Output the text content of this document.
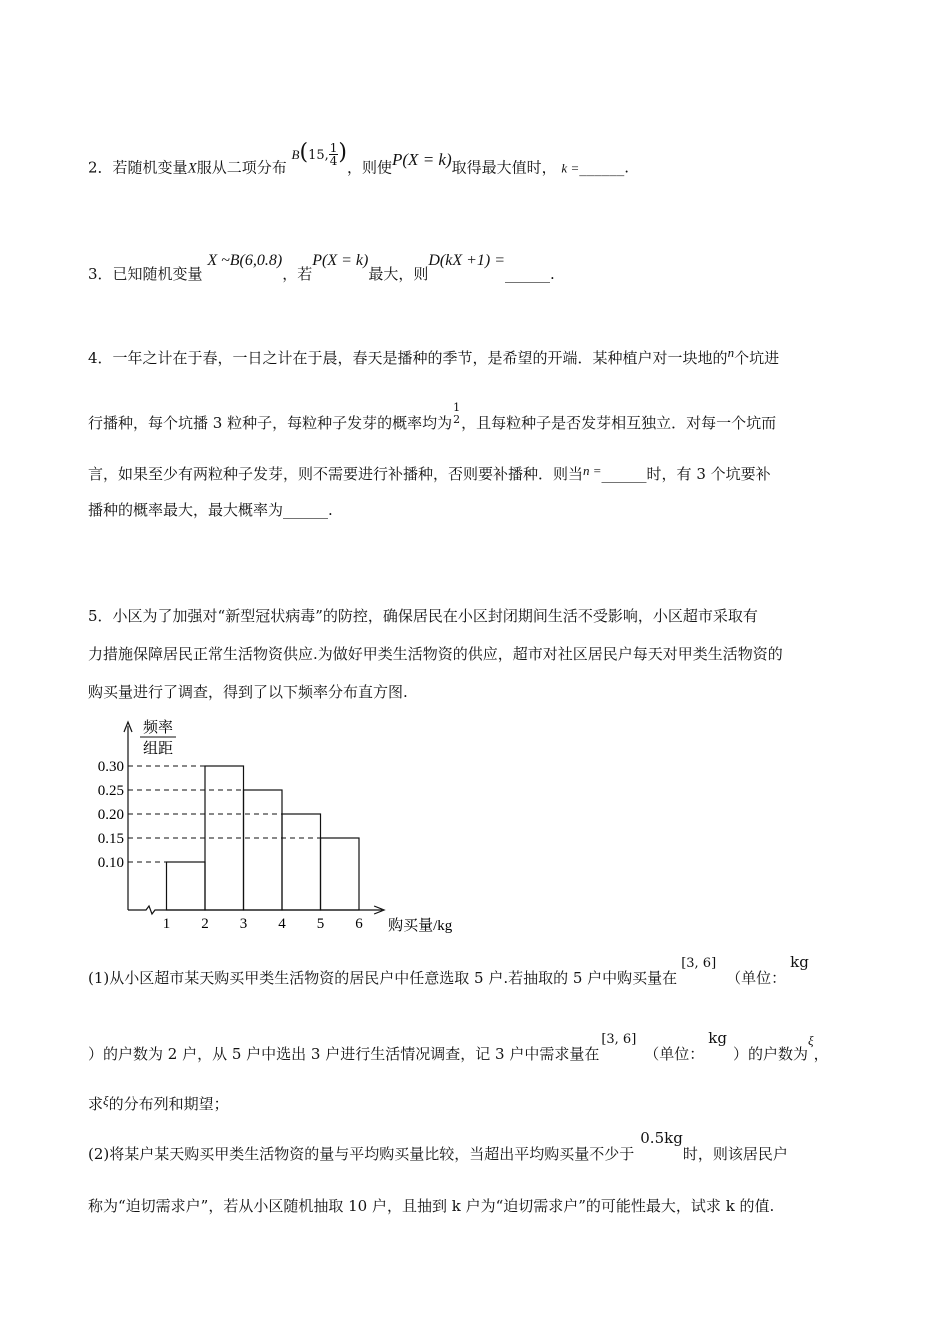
2．若随机变量X服从二项分布 B(15, $\frac{1}{4}$ )，则使P(X = k)取得最大值时， k =______.
3．已知随机变量 X ~B(6,0.8)，若P(X = k)最大，则D(kX +1) =______.
4．一年之计在于春，一日之计在于晨，春天是播种的季节，是希望的开端．某种植户对一块地的n个坑进
行播种，每个坑播 3 粒种子，每粒种子发芽的概率均为
1
2 ，且每粒种子是否发芽相互独立．对每一个坑而
言，如果至少有两粒种子发芽，则不需要进行补播种，否则要补播种．则当n =______时，有 3 个坑要补
播种的概率最大，最大概率为______.
5．小区为了加强对“新型冠状病毒”的防控，确保居民在小区封闭期间生活不受影响，小区超市采取有
力措施保障居民正常生活物资供应.为做好甲类生活物资的供应，超市对社区居民户每天对甲类生活物资的
购买量进行了调查，得到了以下频率分布直方图.
频率
组距
0.10
0.15
0.20
0.25
0.30
1 2 3 4 5 6 购买量/kg
(1)从小区超市某天购买甲类生活物资的居民户中任意选取 5 户.若抽取的 5 户中购买量在[3, 6]（单位：kg
）的户数为 2 户，从 5 户中选出 3 户进行生活情况调查，记 3 户中需求量在[3, 6]（单位：kg）的户数为ξ，
求ξ的分布列和期望；
(2)将某户某天购买甲类生活物资的量与平均购买量比较，当超出平均购买量不少于0.5kg时，则该居民户
称为“迫切需求户”，若从小区随机抽取 10 户，且抽到 k 户为“迫切需求户”的可能性最大，试求 k 的值.
